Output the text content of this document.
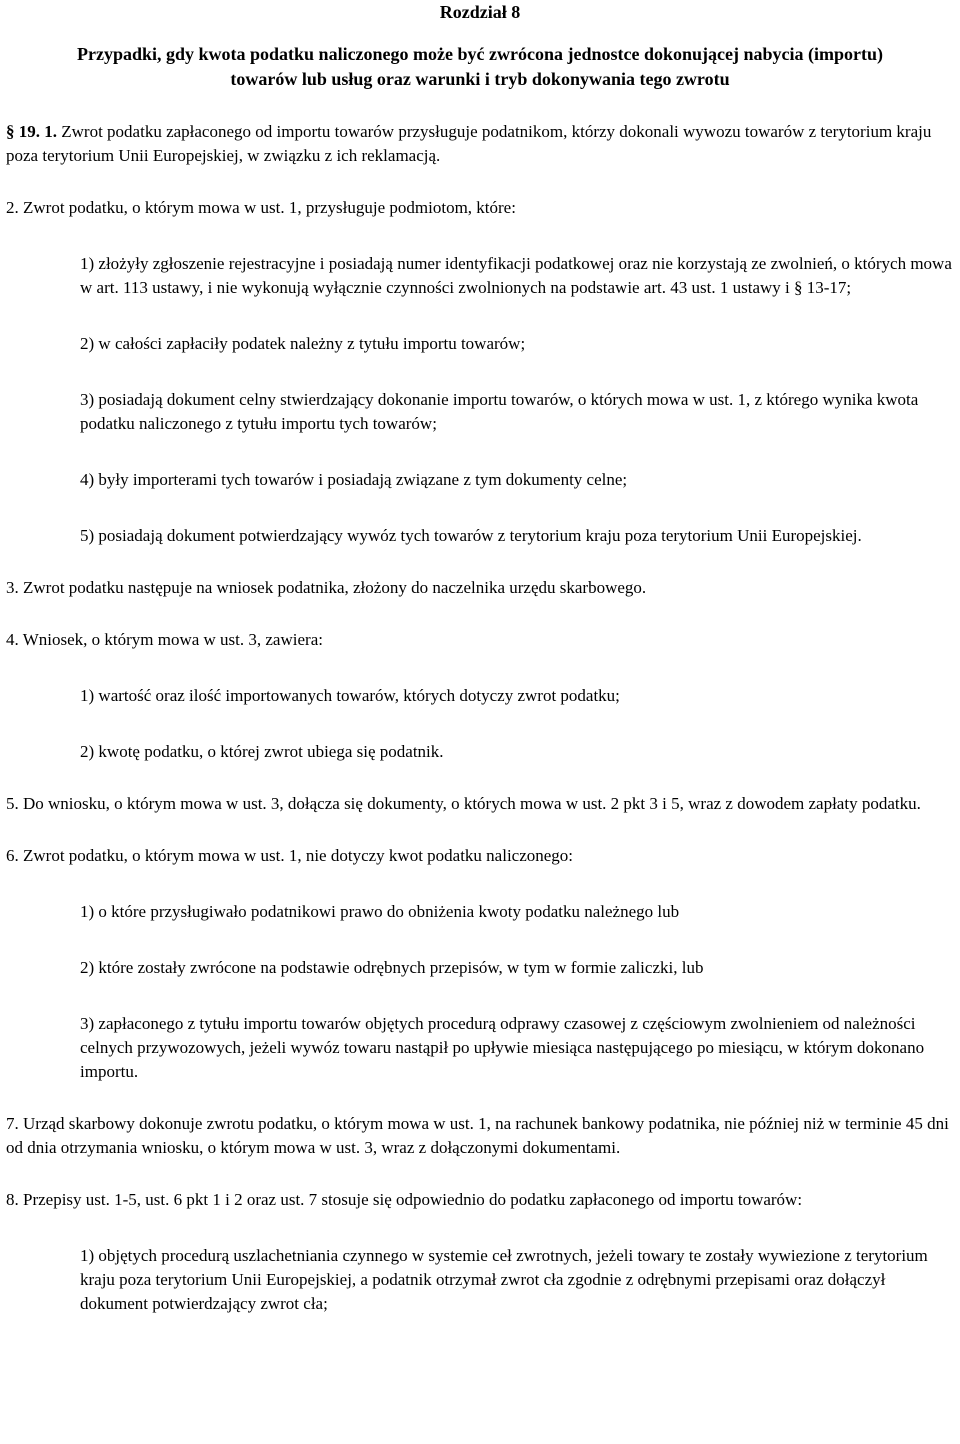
Rozdział 8

Przypadki, gdy kwota podatku naliczonego może być zwrócona jednostce dokonującej nabycia (importu)
towarów lub usług oraz warunki i tryb dokonywania tego zwrotu

§ 19. 1. Zwrot podatku zapłaconego od importu towarów przysługuje podatnikom, którzy dokonali wywozu towarów z terytorium kraju poza terytorium Unii Europejskiej, w związku z ich reklamacją.

2. Zwrot podatku, o którym mowa w ust. 1, przysługuje podmiotom, które:

1) złożyły zgłoszenie rejestracyjne i posiadają numer identyfikacji podatkowej oraz nie korzystają ze zwolnień, o których mowa w art. 113 ustawy, i nie wykonują wyłącznie czynności zwolnionych na podstawie art. 43 ust. 1 ustawy i § 13-17;

2) w całości zapłaciły podatek należny z tytułu importu towarów;

3) posiadają dokument celny stwierdzający dokonanie importu towarów, o których mowa w ust. 1, z którego wynika kwota podatku naliczonego z tytułu importu tych towarów;

4) były importerami tych towarów i posiadają związane z tym dokumenty celne;

5) posiadają dokument potwierdzający wywóz tych towarów z terytorium kraju poza terytorium Unii Europejskiej.

3. Zwrot podatku następuje na wniosek podatnika, złożony do naczelnika urzędu skarbowego.

4. Wniosek, o którym mowa w ust. 3, zawiera:

1) wartość oraz ilość importowanych towarów, których dotyczy zwrot podatku;

2) kwotę podatku, o której zwrot ubiega się podatnik.

5. Do wniosku, o którym mowa w ust. 3, dołącza się dokumenty, o których mowa w ust. 2 pkt 3 i 5, wraz z dowodem zapłaty podatku.

6. Zwrot podatku, o którym mowa w ust. 1, nie dotyczy kwot podatku naliczonego:

1) o które przysługiwało podatnikowi prawo do obniżenia kwoty podatku należnego lub

2) które zostały zwrócone na podstawie odrębnych przepisów, w tym w formie zaliczki, lub

3) zapłaconego z tytułu importu towarów objętych procedurą odprawy czasowej z częściowym zwolnieniem od należności celnych przywozowych, jeżeli wywóz towaru nastąpił po upływie miesiąca następującego po miesiącu, w którym dokonano importu.

7. Urząd skarbowy dokonuje zwrotu podatku, o którym mowa w ust. 1, na rachunek bankowy podatnika, nie później niż w terminie 45 dni od dnia otrzymania wniosku, o którym mowa w ust. 3, wraz z dołączonymi dokumentami.

8. Przepisy ust. 1-5, ust. 6 pkt 1 i 2 oraz ust. 7 stosuje się odpowiednio do podatku zapłaconego od importu towarów:

1) objętych procedurą uszlachetniania czynnego w systemie ceł zwrotnych, jeżeli towary te zostały wywiezione z terytorium kraju poza terytorium Unii Europejskiej, a podatnik otrzymał zwrot cła zgodnie z odrębnymi przepisami oraz dołączył dokument potwierdzający zwrot cła;
